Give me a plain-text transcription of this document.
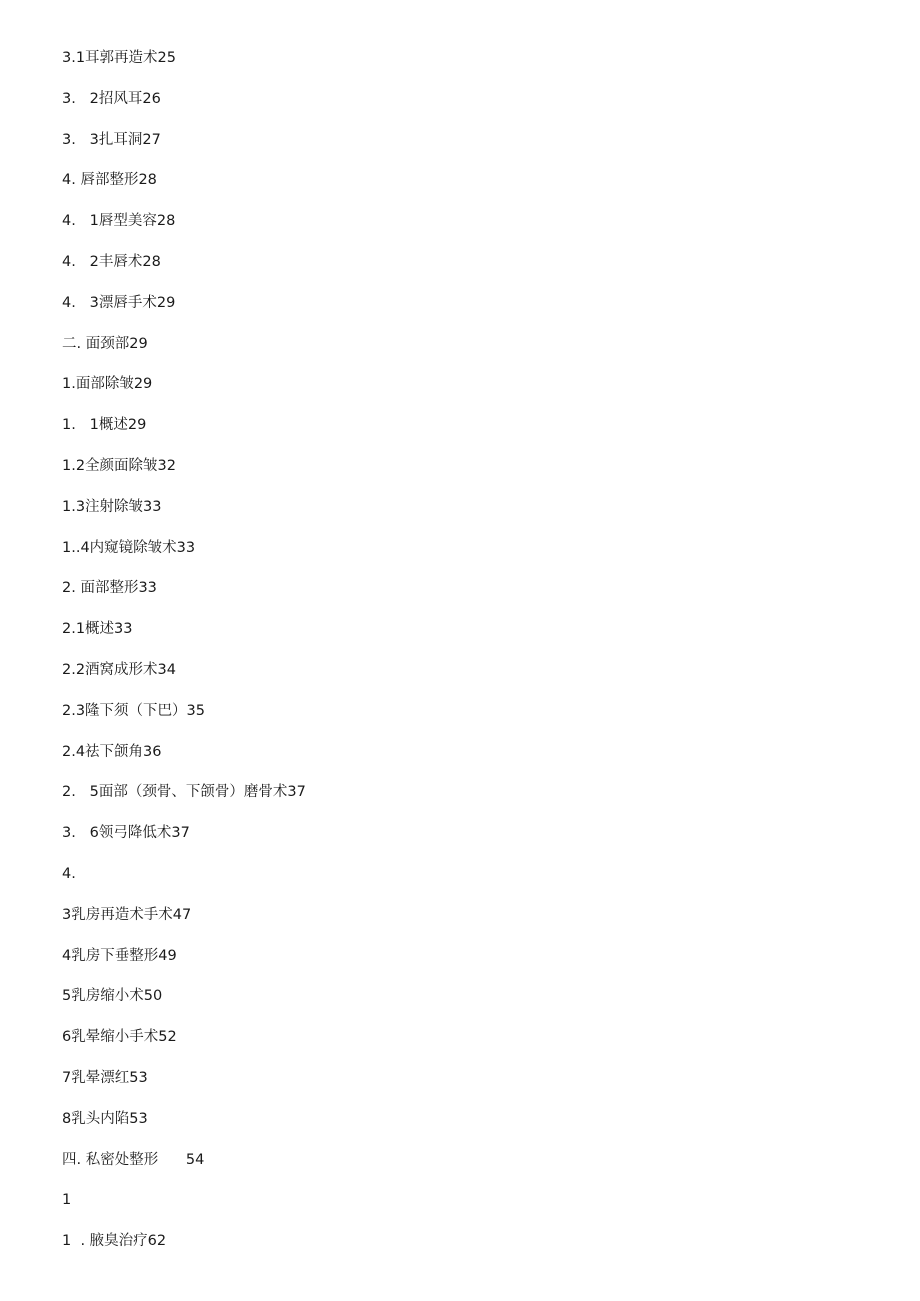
3.1耳郭再造术25
3.   2招风耳26
3.   3扎耳洞27
4. 唇部整形28
4.   1唇型美容28
4.   2丰唇术28
4.   3漂唇手术29
二. 面颈部29
1.面部除皱29
1.   1概述29
1.2全颜面除皱32
1.3注射除皱33
1..4内窥镜除皱术33
2. 面部整形33
2.1概述33
2.2酒窝成形术34
2.3隆下须（下巴）35
2.4祛下颌角36
2.   5面部（颈骨、下颌骨）磨骨术37
3.   6领弓降低术37
4.
3乳房再造术手术47
4乳房下垂整形49
5乳房缩小术50
6乳晕缩小手术52
7乳晕漂红53
8乳头内陷53
四. 私密处整形      54
1
1  . 腋臭治疗62
